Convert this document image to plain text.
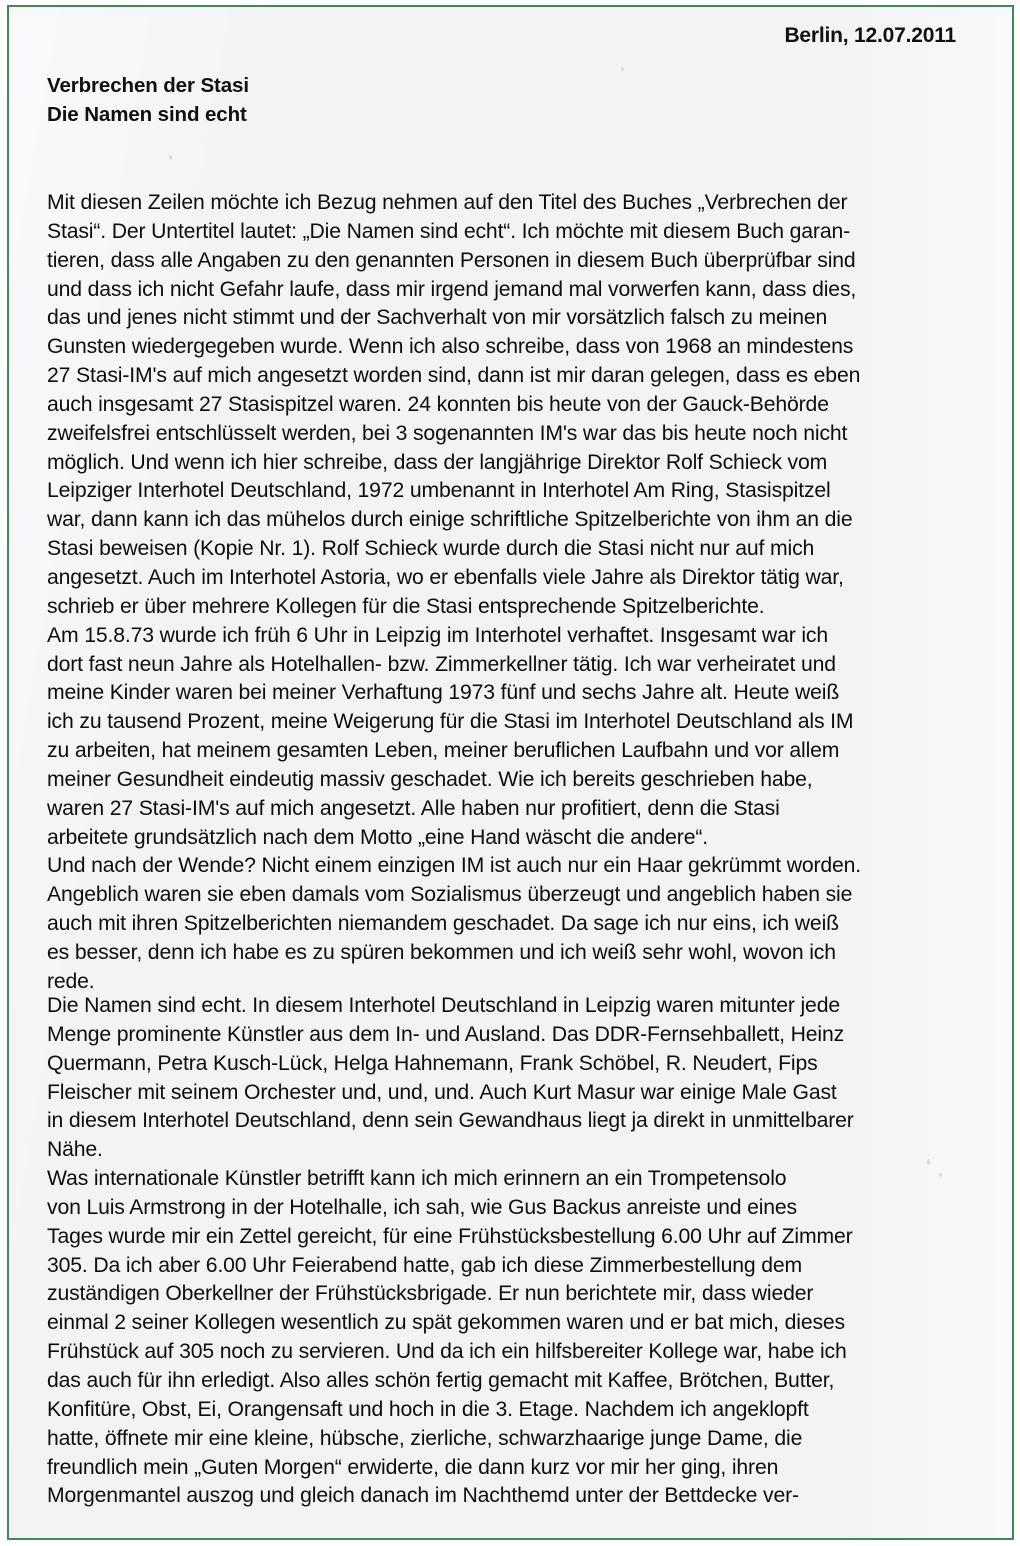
Berlin, 12.07.2011
Verbrechen der Stasi
Die Namen sind echt
Mit diesen Zeilen möchte ich Bezug nehmen auf den Titel des Buches „Verbrechen der
Stasi“. Der Untertitel lautet: „Die Namen sind echt“. Ich möchte mit diesem Buch garan-
tieren, dass alle Angaben zu den genannten Personen in diesem Buch überprüfbar sind
und dass ich nicht Gefahr laufe, dass mir irgend jemand mal vorwerfen kann, dass dies,
das und jenes nicht stimmt und der Sachverhalt von mir vorsätzlich falsch zu meinen
Gunsten wiedergegeben wurde. Wenn ich also schreibe, dass von 1968 an mindestens
27 Stasi-IM's auf mich angesetzt worden sind, dann ist mir daran gelegen, dass es eben
auch insgesamt 27 Stasispitzel waren. 24 konnten bis heute von der Gauck-Behörde
zweifelsfrei entschlüsselt werden, bei 3 sogenannten IM's war das bis heute noch nicht
möglich. Und wenn ich hier schreibe, dass der langjährige Direktor Rolf Schieck vom
Leipziger Interhotel Deutschland, 1972 umbenannt in Interhotel Am Ring, Stasispitzel
war, dann kann ich das mühelos durch einige schriftliche Spitzelberichte von ihm an die
Stasi beweisen (Kopie Nr. 1). Rolf Schieck wurde durch die Stasi nicht nur auf mich
angesetzt. Auch im Interhotel Astoria, wo er ebenfalls viele Jahre als Direktor tätig war,
schrieb er über mehrere Kollegen für die Stasi entsprechende Spitzelberichte.
Am 15.8.73 wurde ich früh 6 Uhr in Leipzig im Interhotel verhaftet. Insgesamt war ich
dort fast neun Jahre als Hotelhallen- bzw. Zimmerkellner tätig. Ich war verheiratet und
meine Kinder waren bei meiner Verhaftung 1973 fünf und sechs Jahre alt. Heute weiß
ich zu tausend Prozent, meine Weigerung für die Stasi im Interhotel Deutschland als IM
zu arbeiten, hat meinem gesamten Leben, meiner beruflichen Laufbahn und vor allem
meiner Gesundheit eindeutig massiv geschadet. Wie ich bereits geschrieben habe,
waren 27 Stasi-IM's auf mich angesetzt. Alle haben nur profitiert, denn die Stasi
arbeitete grundsätzlich nach dem Motto „eine Hand wäscht die andere“.
Und nach der Wende? Nicht einem einzigen IM ist auch nur ein Haar gekrümmt worden.
Angeblich waren sie eben damals vom Sozialismus überzeugt und angeblich haben sie
auch mit ihren Spitzelberichten niemandem geschadet. Da sage ich nur eins, ich weiß
es besser, denn ich habe es zu spüren bekommen und ich weiß sehr wohl, wovon ich
rede.
Die Namen sind echt. In diesem Interhotel Deutschland in Leipzig waren mitunter jede
Menge prominente Künstler aus dem In- und Ausland. Das DDR-Fernsehballett, Heinz
Quermann, Petra Kusch-Lück, Helga Hahnemann, Frank Schöbel, R. Neudert, Fips
Fleischer mit seinem Orchester und, und, und. Auch Kurt Masur war einige Male Gast
in diesem Interhotel Deutschland, denn sein Gewandhaus liegt ja direkt in unmittelbarer
Nähe.
Was internationale Künstler betrifft kann ich mich erinnern an ein Trompetensolo
von Luis Armstrong in der Hotelhalle, ich sah, wie Gus Backus anreiste und eines
Tages wurde mir ein Zettel gereicht, für eine Frühstücksbestellung 6.00 Uhr auf Zimmer
305. Da ich aber 6.00 Uhr Feierabend hatte, gab ich diese Zimmerbestellung dem
zuständigen Oberkellner der Frühstücksbrigade. Er nun berichtete mir, dass wieder
einmal 2 seiner Kollegen wesentlich zu spät gekommen waren und er bat mich, dieses
Frühstück auf 305 noch zu servieren. Und da ich ein hilfsbereiter Kollege war, habe ich
das auch für ihn erledigt. Also alles schön fertig gemacht mit Kaffee, Brötchen, Butter,
Konfitüre, Obst, Ei, Orangensaft und hoch in die 3. Etage. Nachdem ich angeklopft
hatte, öffnete mir eine kleine, hübsche, zierliche, schwarzhaarige junge Dame, die
freundlich mein „Guten Morgen“ erwiderte, die dann kurz vor mir her ging, ihren
Morgenmantel auszog und gleich danach im Nachthemd unter der Bettdecke ver-
